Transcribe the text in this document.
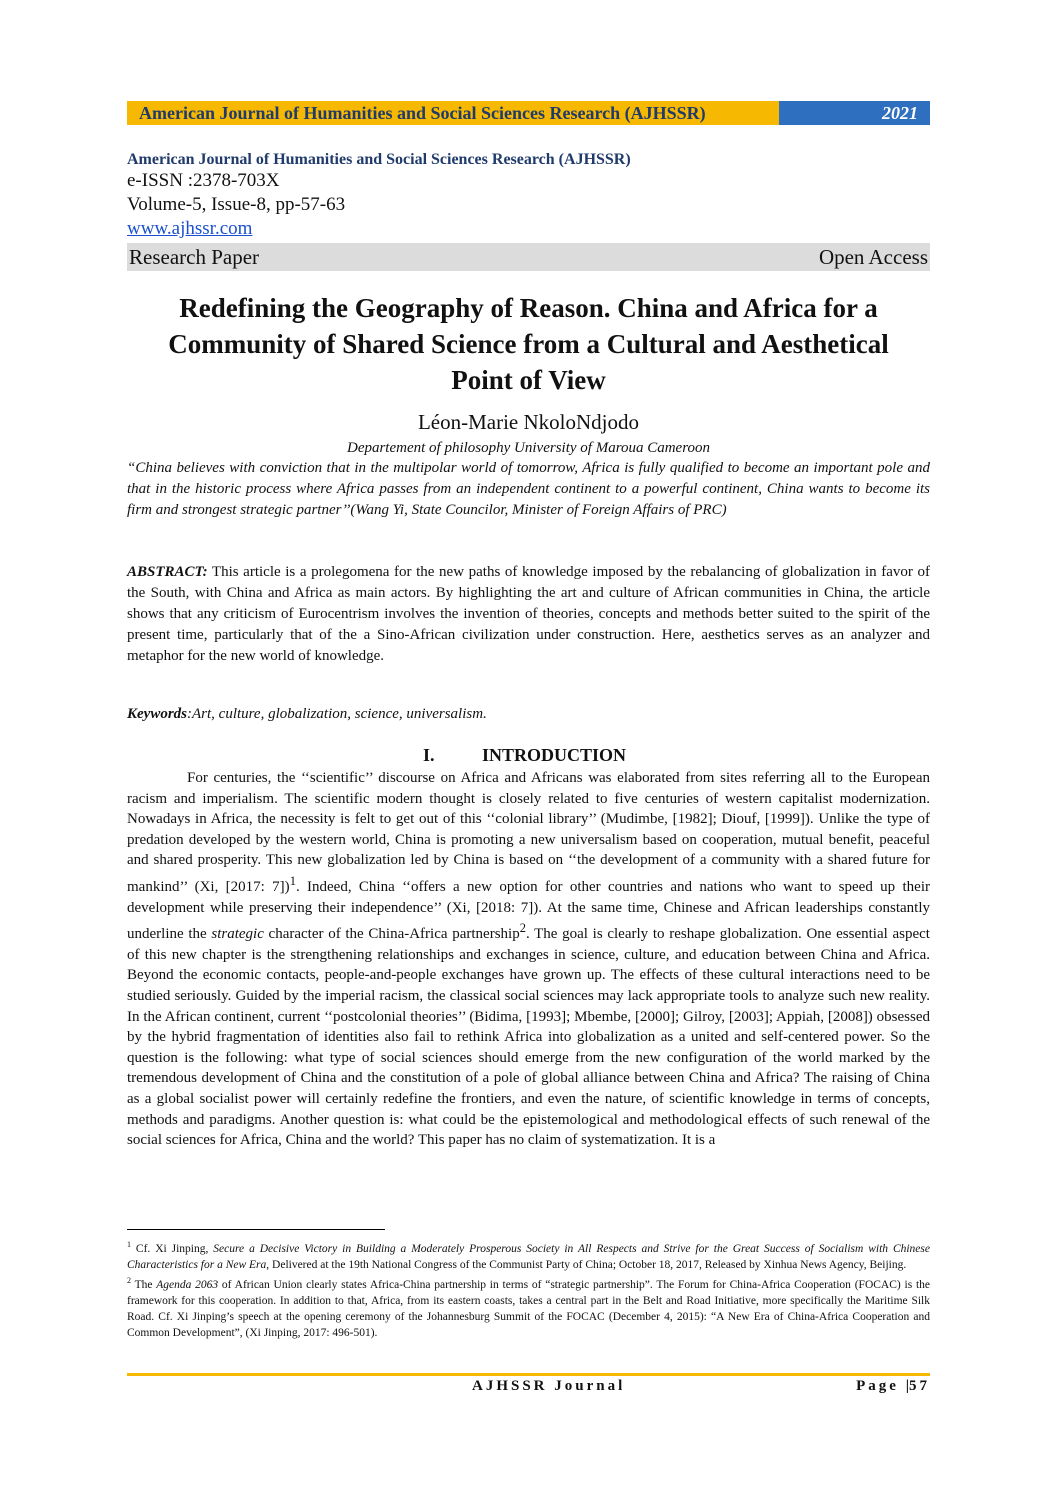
American Journal of Humanities and Social Sciences Research (AJHSSR)	2021
American Journal of Humanities and Social Sciences Research (AJHSSR)
e-ISSN :2378-703X
Volume-5, Issue-8, pp-57-63
www.ajhssr.com
Research Paper	Open Access
Redefining the Geography of Reason. China and Africa for a
Community of Shared Science from a Cultural and Aesthetical
Point of View
Léon-Marie NkoloNdjodo
Departement of philosophy University of Maroua Cameroon
“China believes with conviction that in the multipolar world of tomorrow, Africa is fully qualified to become an important pole and that in the historic process where Africa passes from an independent continent to a powerful continent, China wants to become its firm and strongest strategic partner’’(Wang Yi, State Councilor, Minister of Foreign Affairs of PRC)
ABSTRACT: This article is a prolegomena for the new paths of knowledge imposed by the rebalancing of globalization in favor of the South, with China and Africa as main actors. By highlighting the art and culture of African communities in China, the article shows that any criticism of Eurocentrism involves the invention of theories, concepts and methods better suited to the spirit of the present time, particularly that of the a Sino-African civilization under construction. Here, aesthetics serves as an analyzer and metaphor for the new world of knowledge.
Keywords:Art, culture, globalization, science, universalism.
I.	INTRODUCTION
For centuries, the ‘‘scientific’’ discourse on Africa and Africans was elaborated from sites referring all to the European racism and imperialism. The scientific modern thought is closely related to five centuries of western capitalist modernization. Nowadays in Africa, the necessity is felt to get out of this ‘‘colonial library’’ (Mudimbe, [1982]; Diouf, [1999]). Unlike the type of predation developed by the western world, China is promoting a new universalism based on cooperation, mutual benefit, peaceful and shared prosperity. This new globalization led by China is based on ‘‘the development of a community with a shared future for mankind’’ (Xi, [2017: 7])$^1$. Indeed, China ‘‘offers a new option for other countries and nations who want to speed up their development while preserving their independence’’ (Xi, [2018: 7]). At the same time, Chinese and African leaderships constantly underline the strategic character of the China-Africa partnership$^2$. The goal is clearly to reshape globalization. One essential aspect of this new chapter is the strengthening relationships and exchanges in science, culture, and education between China and Africa. Beyond the economic contacts, people-and-people exchanges have grown up. The effects of these cultural interactions need to be studied seriously. Guided by the imperial racism, the classical social sciences may lack appropriate tools to analyze such new reality. In the African continent, current ‘‘postcolonial theories’’ (Bidima, [1993]; Mbembe, [2000]; Gilroy, [2003]; Appiah, [2008]) obsessed by the hybrid fragmentation of identities also fail to rethink Africa into globalization as a united and self-centered power. So the question is the following: what type of social sciences should emerge from the new configuration of the world marked by the tremendous development of China and the constitution of a pole of global alliance between China and Africa? The raising of China as a global socialist power will certainly redefine the frontiers, and even the nature, of scientific knowledge in terms of concepts, methods and paradigms. Another question is: what could be the epistemological and methodological effects of such renewal of the social sciences for Africa, China and the world? This paper has no claim of systematization. It is a

$^1$ Cf. Xi Jinping, Secure a Decisive Victory in Building a Moderately Prosperous Society in All Respects and Strive for the Great Success of Socialism with Chinese Characteristics for a New Era, Delivered at the 19th National Congress of the Communist Party of China; October 18, 2017, Released by Xinhua News Agency, Beijing.

$^2$ The Agenda 2063 of African Union clearly states Africa-China partnership in terms of “strategic partnership”. The Forum for China-Africa Cooperation (FOCAC) is the framework for this cooperation. In addition to that, Africa, from its eastern coasts, takes a central part in the Belt and Road Initiative, more specifically the Maritime Silk Road. Cf. Xi Jinping’s speech at the opening ceremony of the Johannesburg Summit of the FOCAC (December 4, 2015): “A New Era of China-Africa Cooperation and Common Development”, (Xi Jinping, 2017: 496-501).

AJHSSR Journal	Page |57
